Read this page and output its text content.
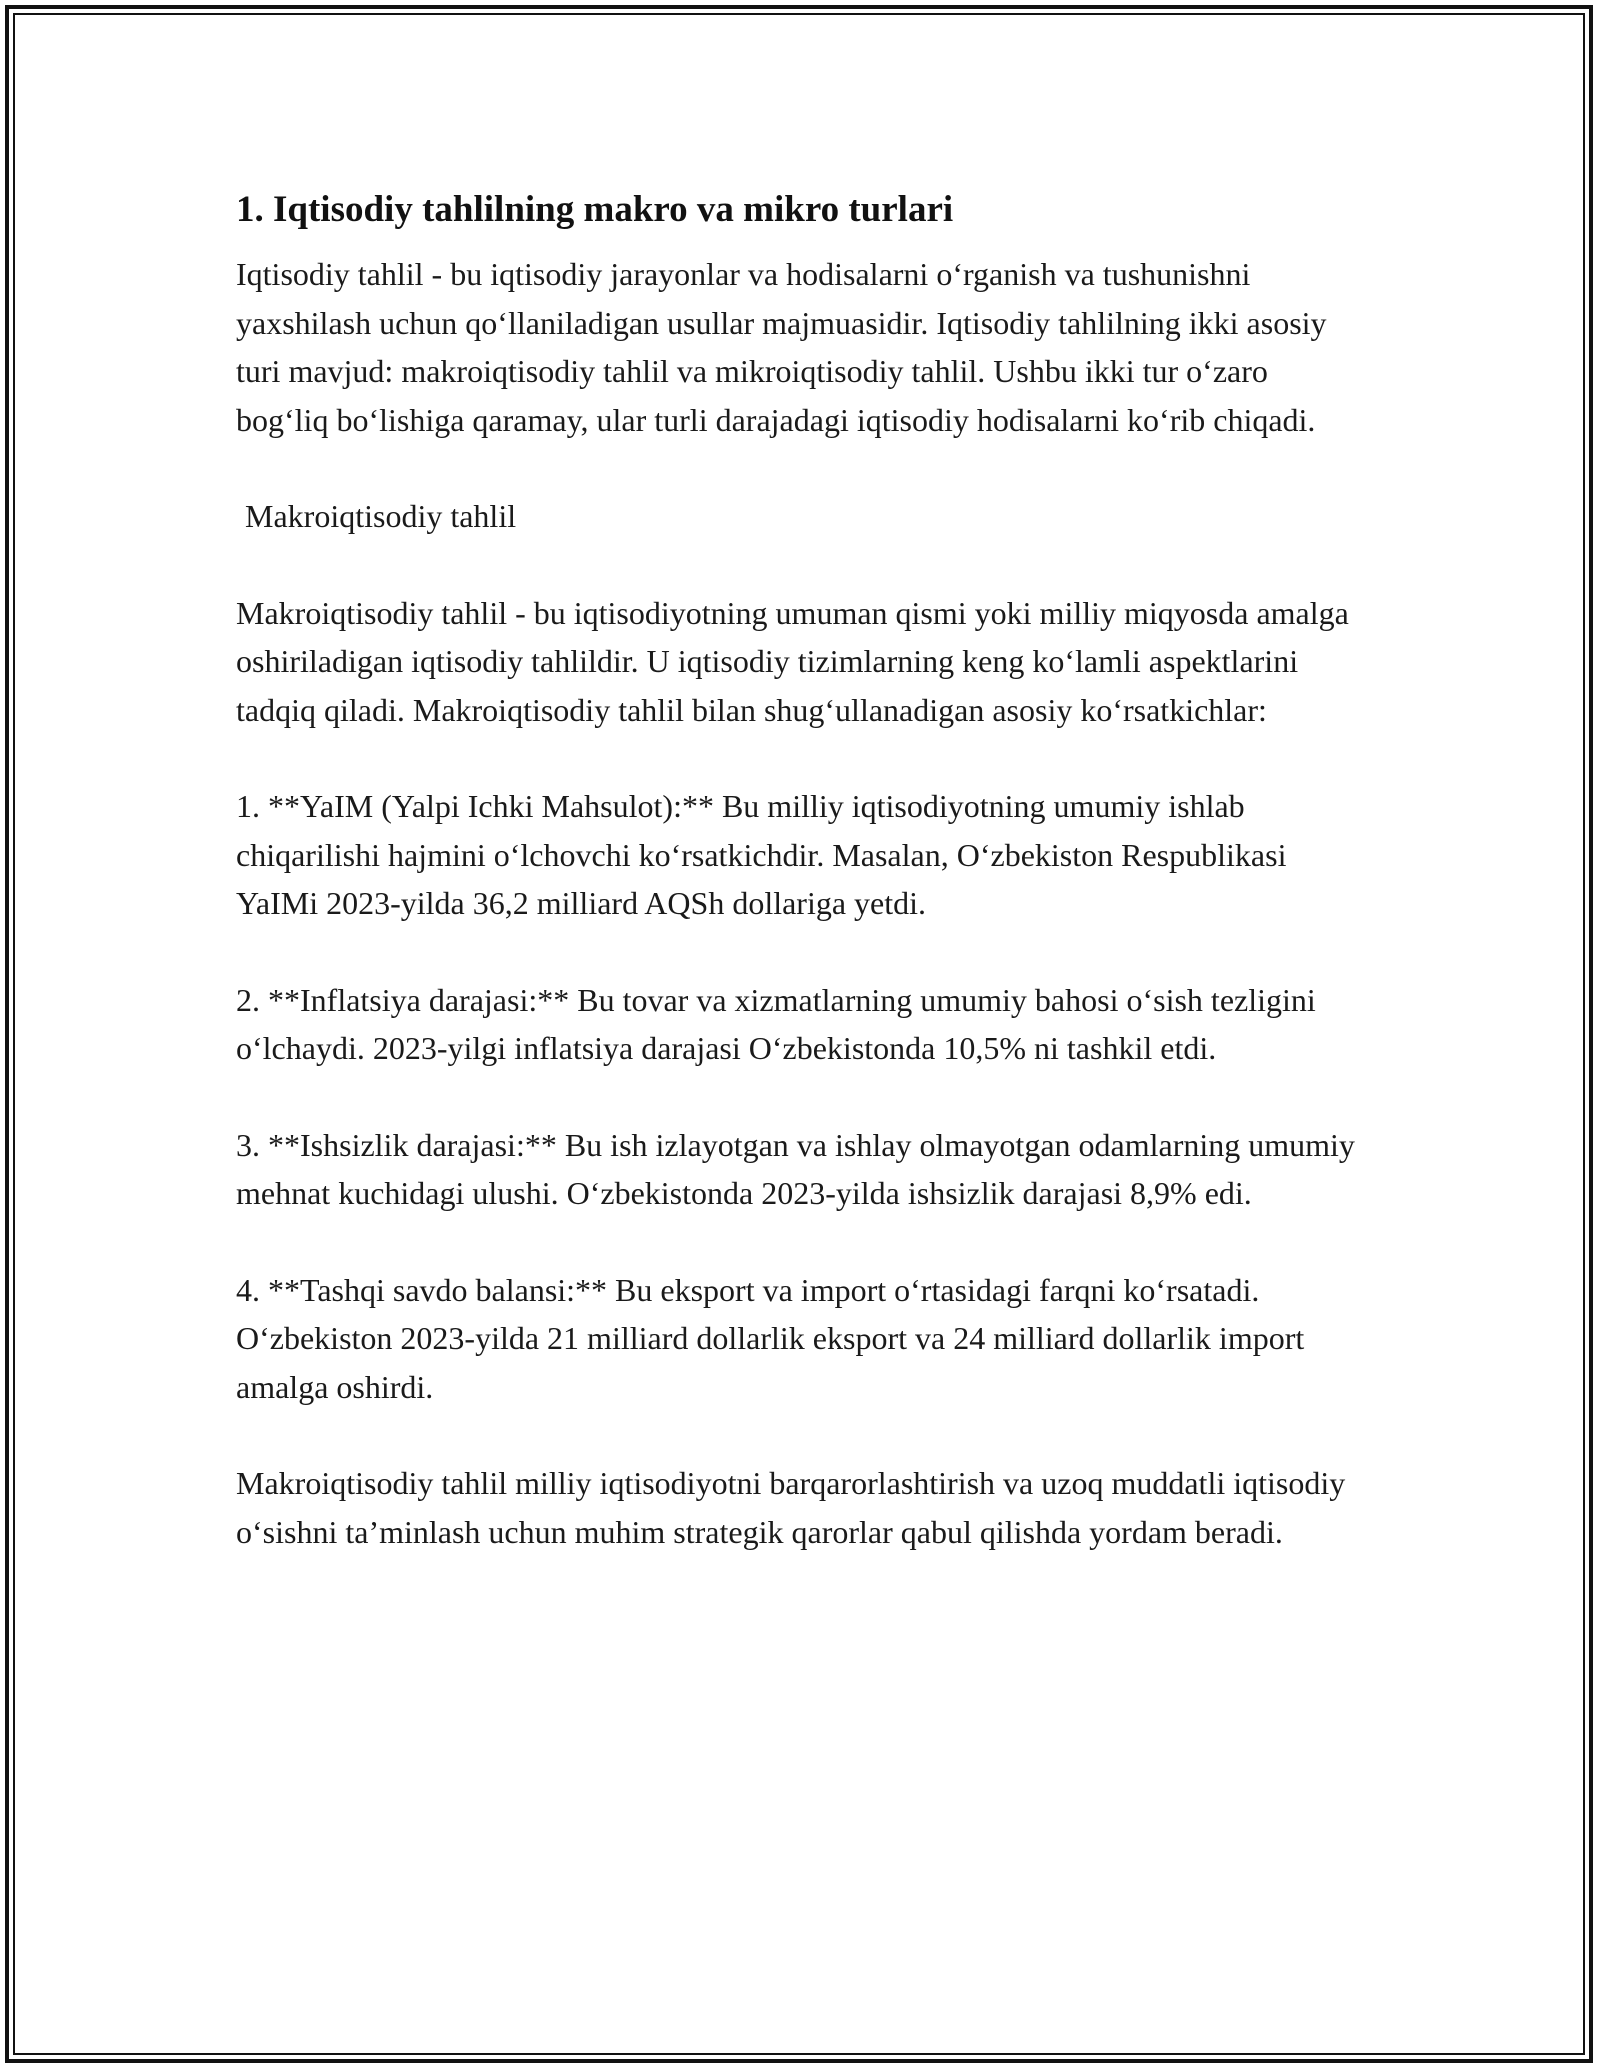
1. Iqtisodiy tahlilning makro va mikro turlari

Iqtisodiy tahlil - bu iqtisodiy jarayonlar va hodisalarni o‘rganish va tushunishni yaxshilash uchun qo‘llaniladigan usullar majmuasidir. Iqtisodiy tahlilning ikki asosiy turi mavjud: makroiqtisodiy tahlil va mikroiqtisodiy tahlil. Ushbu ikki tur o‘zaro bog‘liq bo‘lishiga qaramay, ular turli darajadagi iqtisodiy hodisalarni ko‘rib chiqadi.

Makroiqtisodiy tahlil

Makroiqtisodiy tahlil - bu iqtisodiyotning umuman qismi yoki milliy miqyosda amalga oshiriladigan iqtisodiy tahlildir. U iqtisodiy tizimlarning keng ko‘lamli aspektlarini tadqiq qiladi. Makroiqtisodiy tahlil bilan shug‘ullanadigan asosiy ko‘rsatkichlar:

1. **YaIM (Yalpi Ichki Mahsulot):** Bu milliy iqtisodiyotning umumiy ishlab chiqarilishi hajmini o‘lchovchi ko‘rsatkichdir. Masalan, O‘zbekiston Respublikasi YaIMi 2023-yilda 36,2 milliard AQSh dollariga yetdi.

2. **Inflatsiya darajasi:** Bu tovar va xizmatlarning umumiy bahosi o‘sish tezligini o‘lchaydi. 2023-yilgi inflatsiya darajasi O‘zbekistonda 10,5% ni tashkil etdi.

3. **Ishsizlik darajasi:** Bu ish izlayotgan va ishlay olmayotgan odamlarning umumiy mehnat kuchidagi ulushi. O‘zbekistonda 2023-yilda ishsizlik darajasi 8,9% edi.

4. **Tashqi savdo balansi:** Bu eksport va import o‘rtasidagi farqni ko‘rsatadi. O‘zbekiston 2023-yilda 21 milliard dollarlik eksport va 24 milliard dollarlik import amalga oshirdi.

Makroiqtisodiy tahlil milliy iqtisodiyotni barqarorlashtirish va uzoq muddatli iqtisodiy o‘sishni ta’minlash uchun muhim strategik qarorlar qabul qilishda yordam beradi.
